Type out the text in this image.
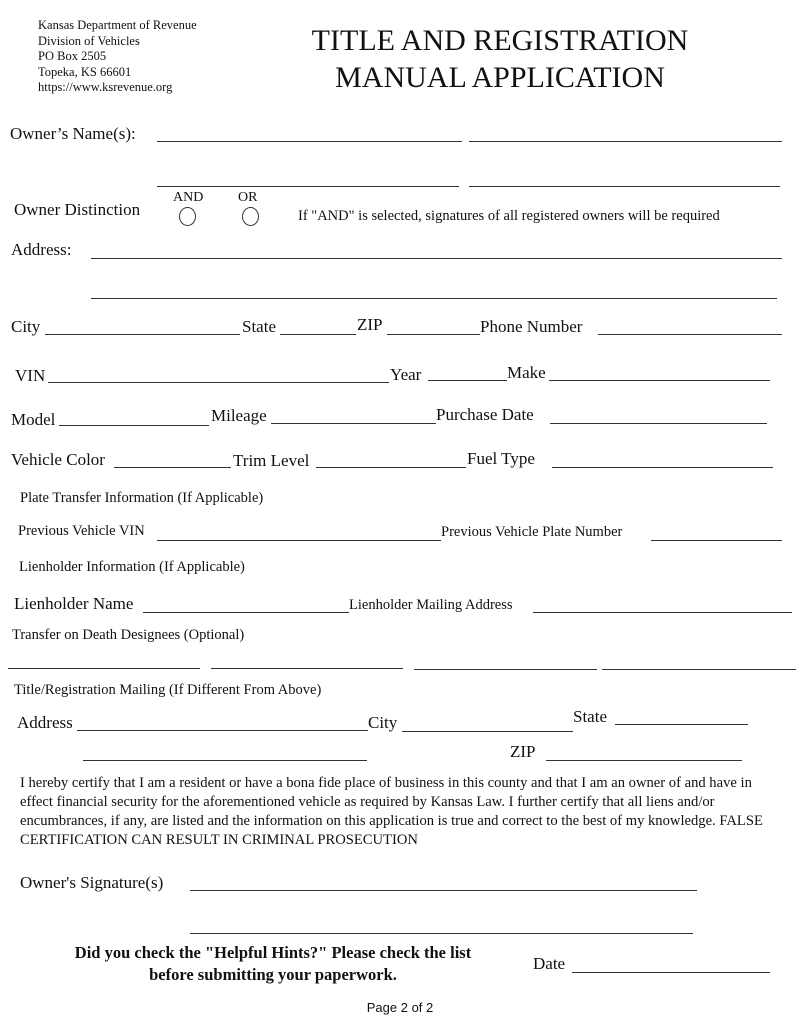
Kansas Department of Revenue
Division of Vehicles
PO Box 2505
Topeka, KS 66601
https://www.ksrevenue.org
TITLE AND REGISTRATION
MANUAL APPLICATION
Owner’s Name(s):
Owner Distinction
AND OR
If "AND" is selected, signatures of all registered owners will be required
Address:
City	State	ZIP	Phone Number
VIN	Year	Make
Model	Mileage	Purchase Date
Vehicle Color	Trim Level	Fuel Type
Plate Transfer Information (If Applicable)
Previous Vehicle VIN	Previous Vehicle Plate Number
Lienholder Information (If Applicable)
Lienholder Name	Lienholder Mailing Address
Transfer on Death Designees (Optional)
Title/Registration Mailing (If Different From Above)
Address	City	State
ZIP
I hereby certify that I am a resident or have a bona fide place of business in this county and that I am an owner of and have in effect financial security for the aforementioned vehicle as required by Kansas Law. I further certify that all liens and/or encumbrances, if any, are listed and the information on this application is true and correct to the best of my knowledge. FALSE CERTIFICATION CAN RESULT IN CRIMINAL PROSECUTION
Owner's Signature(s)
Did you check the "Helpful Hints?" Please check the list
before submitting your paperwork.
Date
Page 2 of 2
